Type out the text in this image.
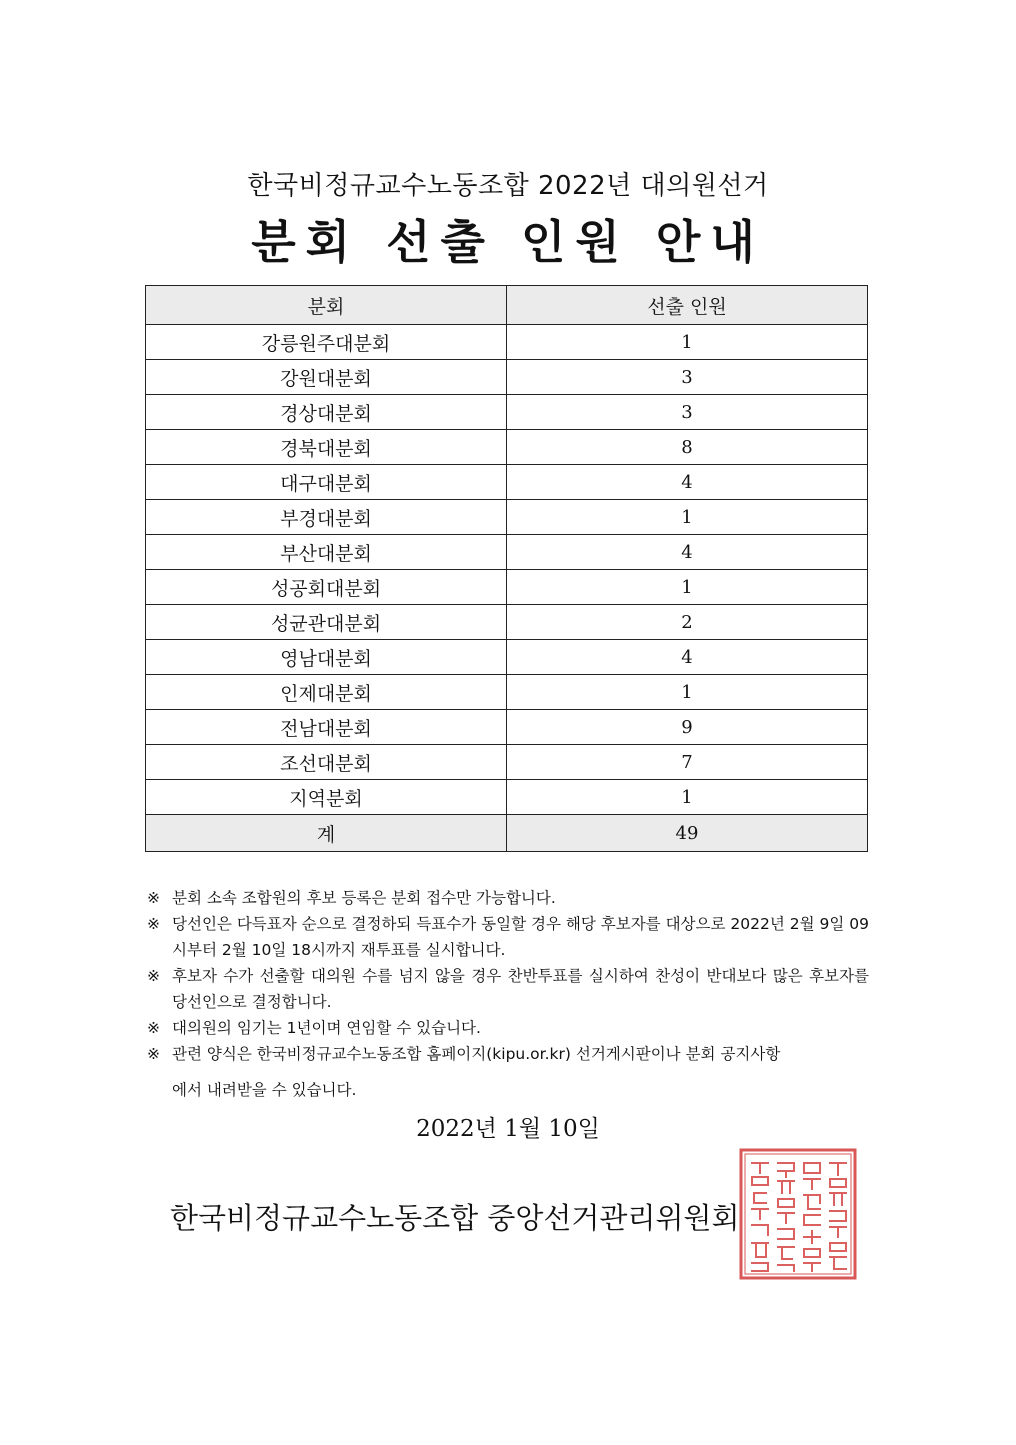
한국비정규교수노동조합 2022년 대의원선거
분회 선출 인원 안내
분회	선출 인원
강릉원주대분회	1
강원대분회	3
경상대분회	3
경북대분회	8
대구대분회	4
부경대분회	1
부산대분회	4
성공회대분회	1
성균관대분회	2
영남대분회	4
인제대분회	1
전남대분회	9
조선대분회	7
지역분회	1
계	49
※ 분회 소속 조합원의 후보 등록은 분회 접수만 가능합니다.
※ 당선인은 다득표자 순으로 결정하되 득표수가 동일할 경우 해당 후보자를 대상으로 2022년 2월 9일 09시부터 2월 10일 18시까지 재투표를 실시합니다.
※ 후보자 수가 선출할 대의원 수를 넘지 않을 경우 찬반투표를 실시하여 찬성이 반대보다 많은 후보자를 당선인으로 결정합니다.
※ 대의원의 임기는 1년이며 연임할 수 있습니다.
※ 관련 양식은 한국비정규교수노동조합 홈페이지(kipu.or.kr) 선거게시판이나 분회 공지사항
에서 내려받을 수 있습니다.
2022년 1월 10일
한국비정규교수노동조합 중앙선거관리위원회
